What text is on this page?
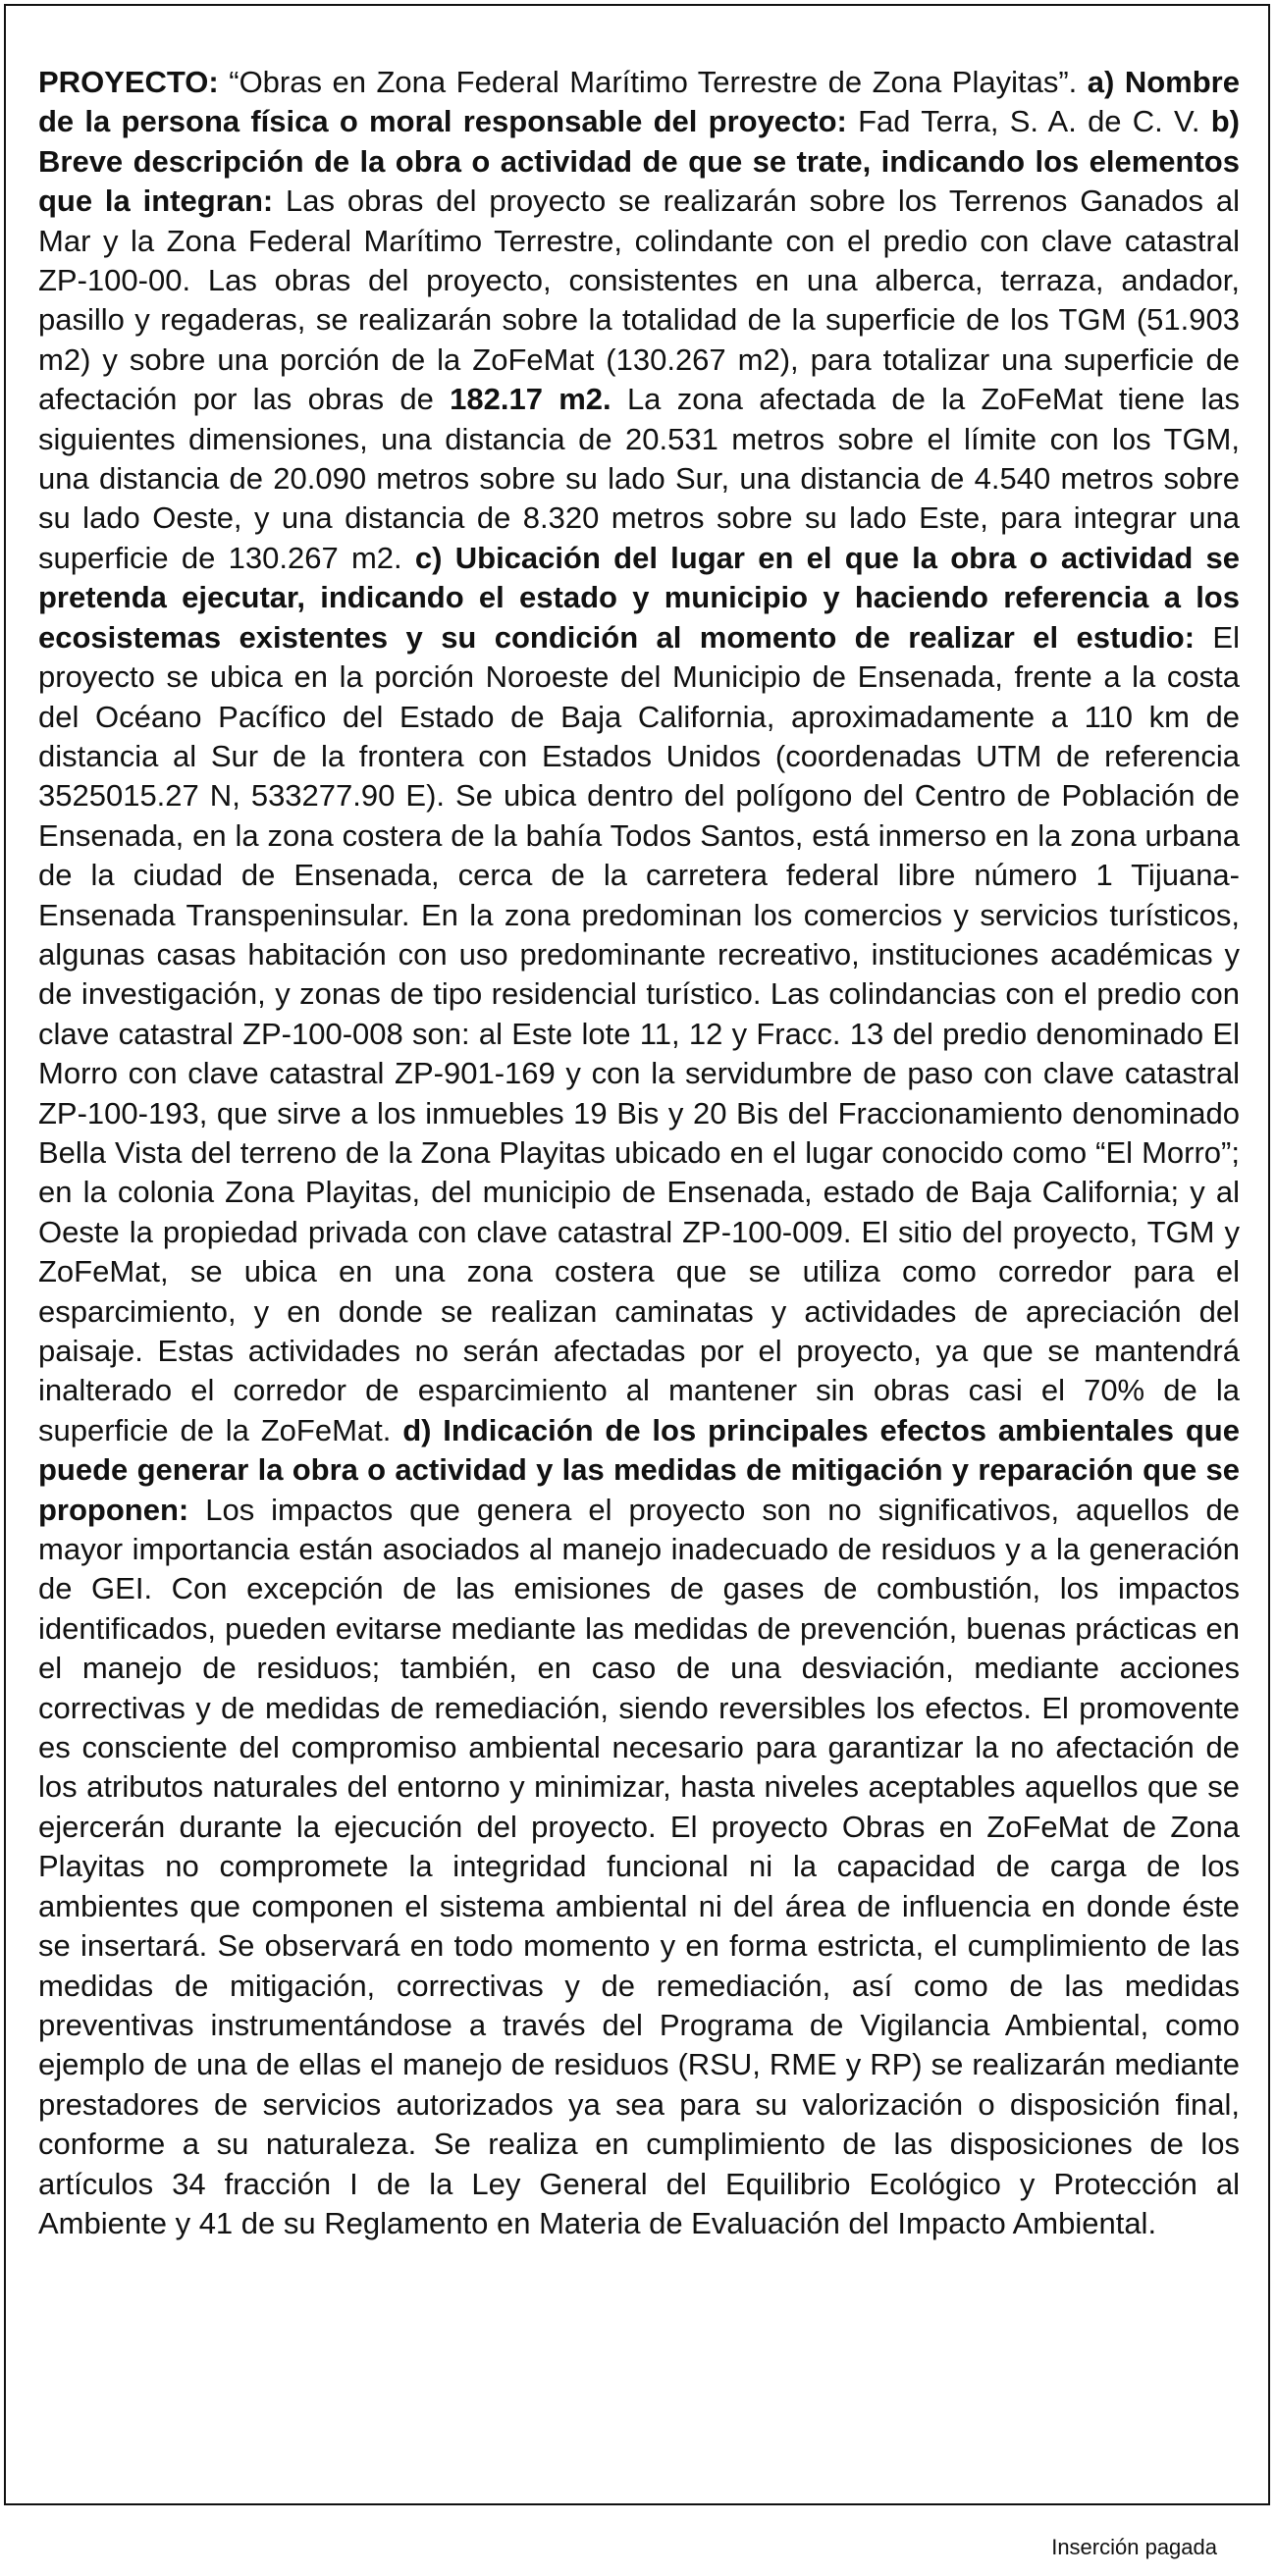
PROYECTO: “Obras en Zona Federal Marítimo Terrestre de Zona Playitas”. a) Nombre de la persona física o moral responsable del proyecto: Fad Terra, S. A. de C. V. b) Breve descripción de la obra o actividad de que se trate, indicando los elementos que la integran: Las obras del proyecto se realizarán sobre los Terrenos Ganados al Mar y la Zona Federal Marítimo Terrestre, colindante con el predio con clave catastral ZP-100-00. Las obras del proyecto, consistentes en una alberca, terraza, andador, pasillo y regaderas, se realizarán sobre la totalidad de la superficie de los TGM (51.903 m2) y sobre una porción de la ZoFeMat (130.267 m2), para totalizar una superficie de afectación por las obras de 182.17 m2. La zona afectada de la ZoFeMat tiene las siguientes dimensiones, una distancia de 20.531 metros sobre el límite con los TGM, una distancia de 20.090 metros sobre su lado Sur, una distancia de 4.540 metros sobre su lado Oeste, y una distancia de 8.320 metros sobre su lado Este, para integrar una superficie de 130.267 m2. c) Ubicación del lugar en el que la obra o actividad se pretenda ejecutar, indicando el estado y municipio y haciendo referencia a los ecosistemas existentes y su condición al momento de realizar el estudio: El proyecto se ubica en la porción Noroeste del Municipio de Ensenada, frente a la costa del Océano Pacífico del Estado de Baja California, aproximadamente a 110 km de distancia al Sur de la frontera con Estados Unidos (coordenadas UTM de referencia 3525015.27 N, 533277.90 E). Se ubica dentro del polígono del Centro de Población de Ensenada, en la zona costera de la bahía Todos Santos, está inmerso en la zona urbana de la ciudad de Ensenada, cerca de la carretera federal libre número 1 Tijuana-Ensenada Transpeninsular. En la zona predominan los comercios y servicios turísticos, algunas casas habitación con uso predominante recreativo, instituciones académicas y de investigación, y zonas de tipo residencial turístico. Las colindancias con el predio con clave catastral ZP-100-008 son: al Este lote 11, 12 y Fracc. 13 del predio denominado El Morro con clave catastral ZP-901-169 y con la servidumbre de paso con clave catastral ZP-100-193, que sirve a los inmuebles 19 Bis y 20 Bis del Fraccionamiento denominado Bella Vista del terreno de la Zona Playitas ubicado en el lugar conocido como “El Morro”; en la colonia Zona Playitas, del municipio de Ensenada, estado de Baja California; y al Oeste la propiedad privada con clave catastral ZP-100-009. El sitio del proyecto, TGM y ZoFeMat, se ubica en una zona costera que se utiliza como corredor para el esparcimiento, y en donde se realizan caminatas y actividades de apreciación del paisaje. Estas actividades no serán afectadas por el proyecto, ya que se mantendrá inalterado el corredor de esparcimiento al mantener sin obras casi el 70% de la superficie de la ZoFeMat. d) Indicación de los principales efectos ambientales que puede generar la obra o actividad y las medidas de mitigación y reparación que se proponen: Los impactos que genera el proyecto son no significativos, aquellos de mayor importancia están asociados al manejo inadecuado de residuos y a la generación de GEI. Con excepción de las emisiones de gases de combustión, los impactos identificados, pueden evitarse mediante las medidas de prevención, buenas prácticas en el manejo de residuos; también, en caso de una desviación, mediante acciones correctivas y de medidas de remediación, siendo reversibles los efectos. El promovente es consciente del compromiso ambiental necesario para garantizar la no afectación de los atributos naturales del entorno y minimizar, hasta niveles aceptables aquellos que se ejercerán durante la ejecución del proyecto. El proyecto Obras en ZoFeMat de Zona Playitas no compromete la integridad funcional ni la capacidad de carga de los ambientes que componen el sistema ambiental ni del área de influencia en donde éste se insertará. Se observará en todo momento y en forma estricta, el cumplimiento de las medidas de mitigación, correctivas y de remediación, así como de las medidas preventivas instrumentándose a través del Programa de Vigilancia Ambiental, como ejemplo de una de ellas el manejo de residuos (RSU, RME y RP) se realizarán mediante prestadores de servicios autorizados ya sea para su valorización o disposición final, conforme a su naturaleza. Se realiza en cumplimiento de las disposiciones de los artículos 34 fracción I de la Ley General del Equilibrio Ecológico y Protección al Ambiente y 41 de su Reglamento en Materia de Evaluación del Impacto Ambiental.
Inserción pagada
